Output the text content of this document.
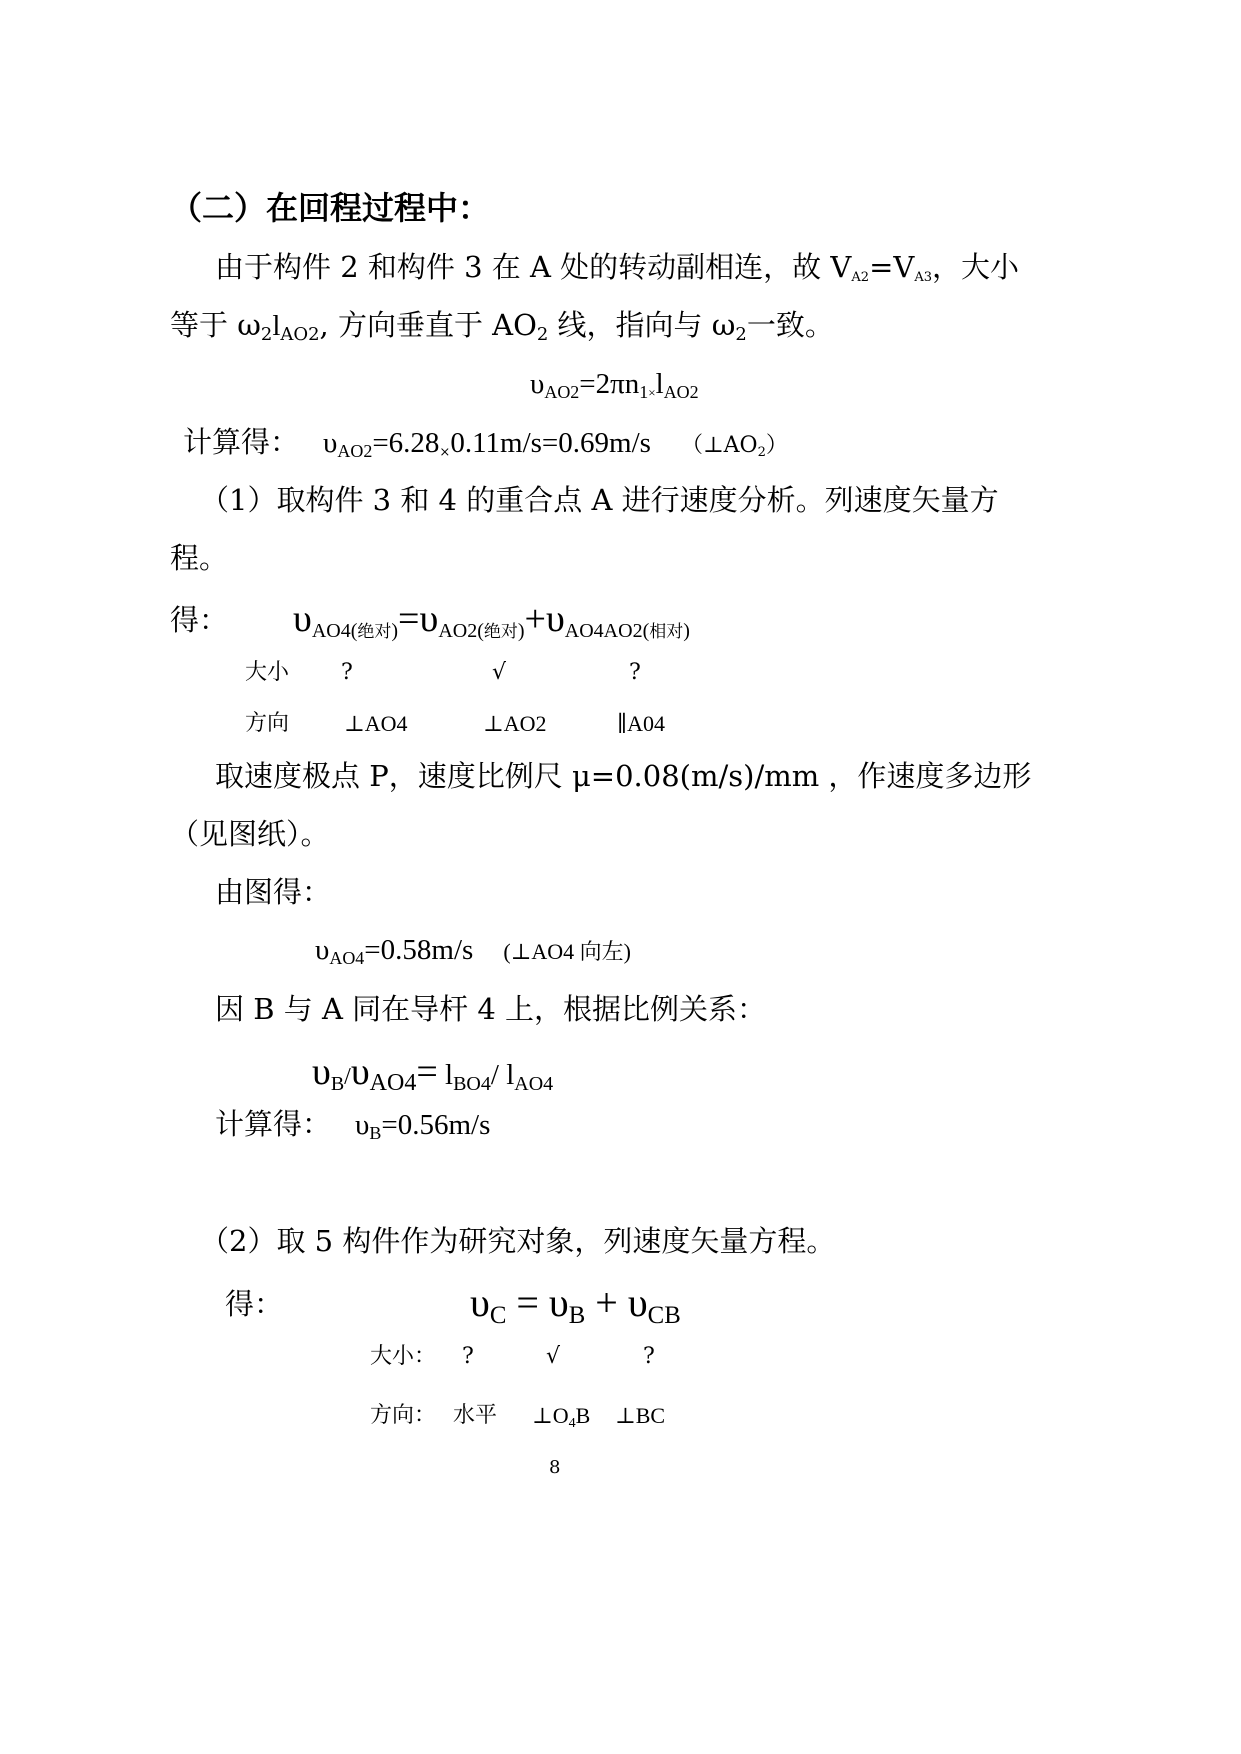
（二）在回程过程中：
由于构件 2 和构件 3 在 A 处的转动副相连，故 VA2=VA3，大小
等于 $\omega_2l_{AO2}$, 方向垂直于 $AO_2$ 线，指向与 $\omega_2$一致。
$\upsilon_{AO2}=2\pi n_1\times l_{AO2}$
计算得： $\upsilon_{AO2}=6.28\times 0.11m/s=0.69m/s$ （⊥AO2）
（1）取构件 3 和 4 的重合点 A 进行速度分析。列速度矢量方
程。
得： υAO4(绝对)=υAO2(绝对)+υAO4AO2(相对)
大小 ?	√	?
方向 ⊥AO4	⊥AO2	∥A04
取速度极点 P，速度比例尺 μ=0.08(m/s)/mm ，作速度多边形
（见图纸）。
由图得：
$\upsilon_{AO4}=0.58m/s$ (⊥AO4 向左)
因 B 与 A 同在导杆 4 上，根据比例关系：
υB/υAO4= lBO4/ lAO4
计算得： $\upsilon_B=0.56m/s$
（2）取 5 构件作为研究对象，列速度矢量方程。
得：	$\upsilon_C = \upsilon_B + \upsilon_{CB}$
大小： ?	√	?
方向： 水平 ⊥O4B ⊥BC
8
